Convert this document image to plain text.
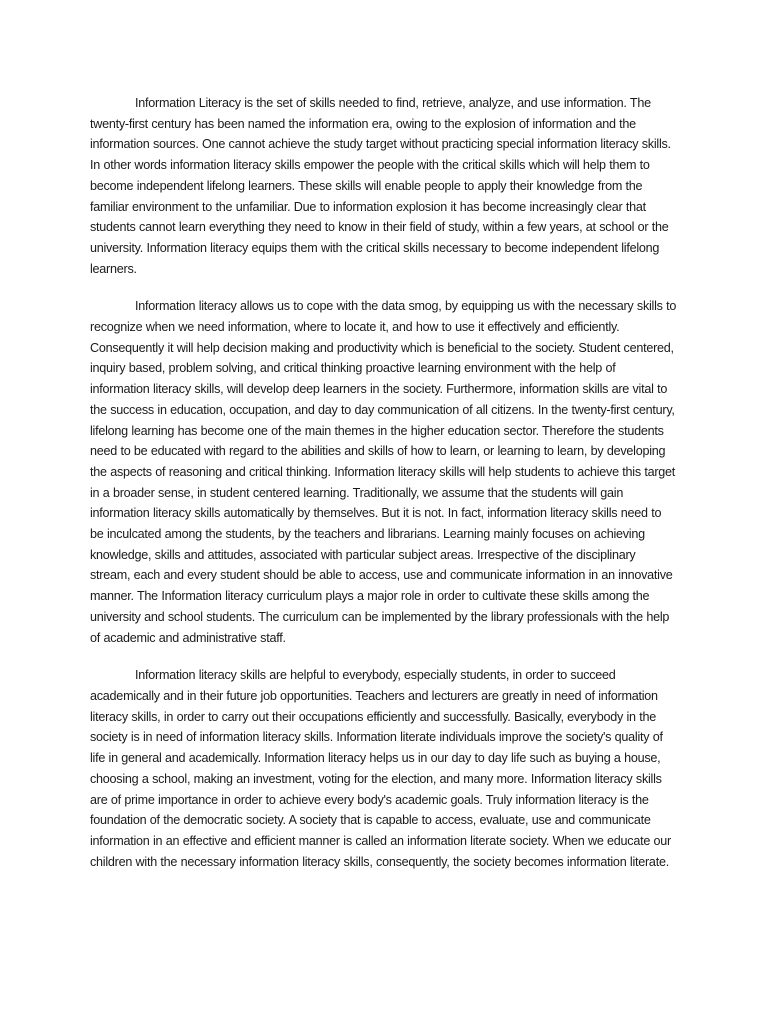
Information Literacy is the set of skills needed to find, retrieve, analyze, and use information. The twenty-first century has been named the information era, owing to the explosion of information and the information sources. One cannot achieve the study target without practicing special information literacy skills. In other words information literacy skills empower the people with the critical skills which will help them to become independent lifelong learners. These skills will enable people to apply their knowledge from the familiar environment to the unfamiliar. Due to information explosion it has become increasingly clear that students cannot learn everything they need to know in their field of study, within a few years, at school or the university. Information literacy equips them with the critical skills necessary to become independent lifelong learners.

Information literacy allows us to cope with the data smog, by equipping us with the necessary skills to recognize when we need information, where to locate it, and how to use it effectively and efficiently. Consequently it will help decision making and productivity which is beneficial to the society. Student centered, inquiry based, problem solving, and critical thinking proactive learning environment with the help of information literacy skills, will develop deep learners in the society. Furthermore, information skills are vital to the success in education, occupation, and day to day communication of all citizens. In the twenty-first century, lifelong learning has become one of the main themes in the higher education sector. Therefore the students need to be educated with regard to the abilities and skills of how to learn, or learning to learn, by developing the aspects of reasoning and critical thinking. Information literacy skills will help students to achieve this target in a broader sense, in student centered learning. Traditionally, we assume that the students will gain information literacy skills automatically by themselves. But it is not. In fact, information literacy skills need to be inculcated among the students, by the teachers and librarians. Learning mainly focuses on achieving knowledge, skills and attitudes, associated with particular subject areas. Irrespective of the disciplinary stream, each and every student should be able to access, use and communicate information in an innovative manner. The Information literacy curriculum plays a major role in order to cultivate these skills among the university and school students. The curriculum can be implemented by the library professionals with the help of academic and administrative staff.

Information literacy skills are helpful to everybody, especially students, in order to succeed academically and in their future job opportunities. Teachers and lecturers are greatly in need of information literacy skills, in order to carry out their occupations efficiently and successfully. Basically, everybody in the society is in need of information literacy skills. Information literate individuals improve the society's quality of life in general and academically. Information literacy helps us in our day to day life such as buying a house, choosing a school, making an investment, voting for the election, and many more. Information literacy skills are of prime importance in order to achieve every body's academic goals. Truly information literacy is the foundation of the democratic society. A society that is capable to access, evaluate, use and communicate information in an effective and efficient manner is called an information literate society. When we educate our children with the necessary information literacy skills, consequently, the society becomes information literate.
